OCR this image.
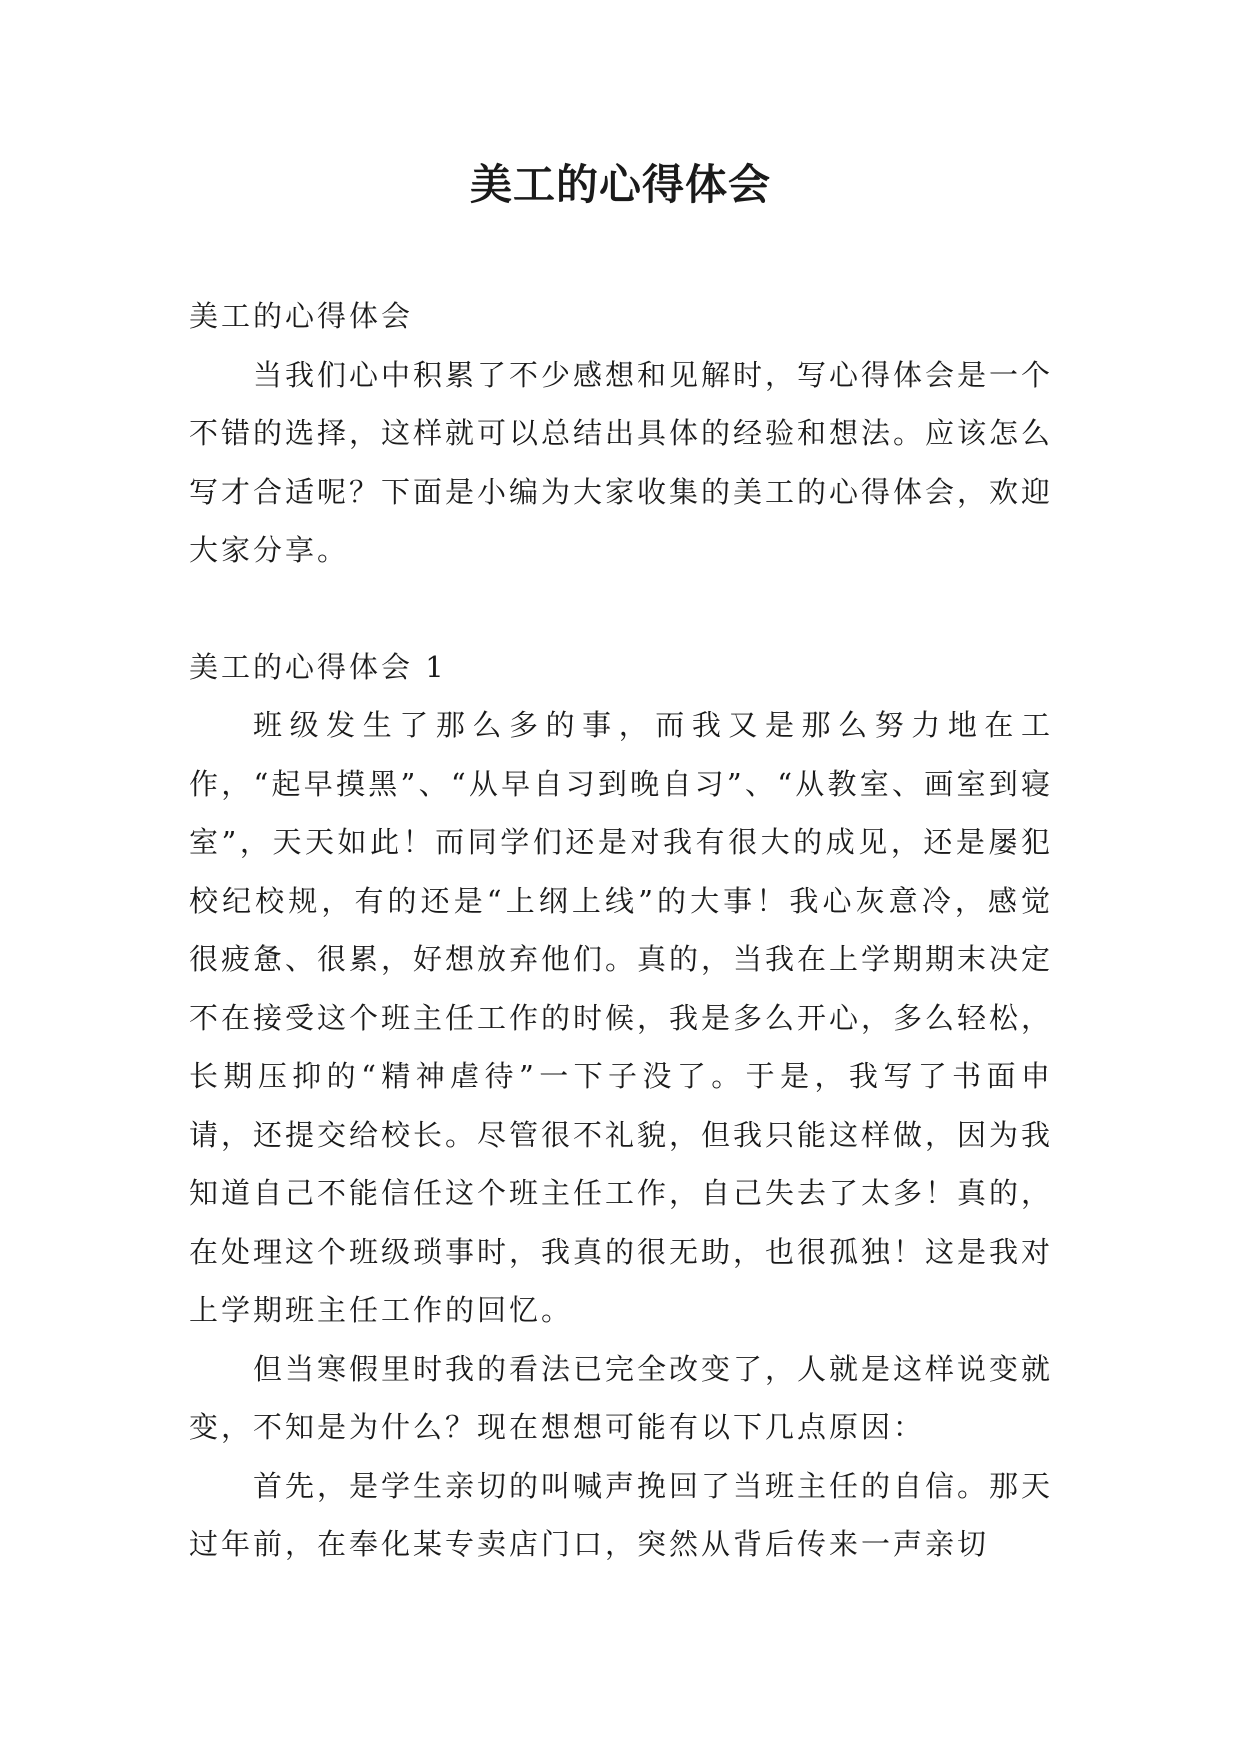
美工的心得体会

美工的心得体会

当我们心中积累了不少感想和见解时，写心得体会是一个不错的选择，这样就可以总结出具体的经验和想法。应该怎么写才合适呢？下面是小编为大家收集的美工的心得体会，欢迎大家分享。

美工的心得体会 1

班级发生了那么多的事，而我又是那么努力地在工作，“起早摸黑”、“从早自习到晚自习”、“从教室、画室到寝室”，天天如此！而同学们还是对我有很大的成见，还是屡犯校纪校规，有的还是“上纲上线”的大事！我心灰意冷，感觉很疲惫、很累，好想放弃他们。真的，当我在上学期期末决定不在接受这个班主任工作的时候，我是多么开心，多么轻松，长期压抑的“精神虐待”一下子没了。于是，我写了书面申请，还提交给校长。尽管很不礼貌，但我只能这样做，因为我知道自己不能信任这个班主任工作，自己失去了太多！真的，在处理这个班级琐事时，我真的很无助，也很孤独！这是我对上学期班主任工作的回忆。

但当寒假里时我的看法已完全改变了，人就是这样说变就变，不知是为什么？现在想想可能有以下几点原因：

首先，是学生亲切的叫喊声挽回了当班主任的自信。那天过年前，在奉化某专卖店门口，突然从背后传来一声亲切
